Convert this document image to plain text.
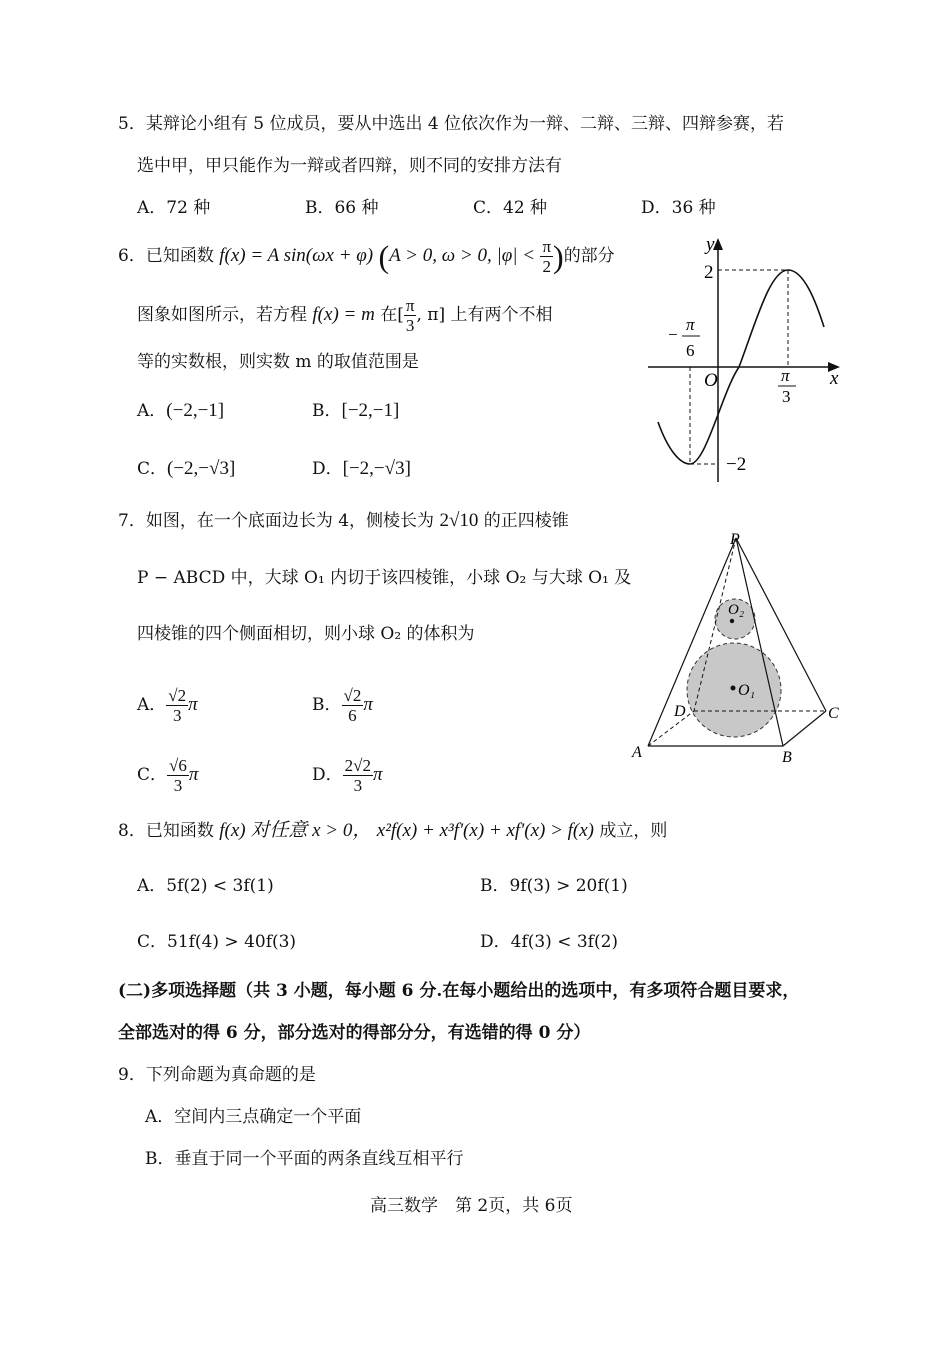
5．某辩论小组有 5 位成员，要从中选出 4 位依次作为一辩、二辩、三辩、四辩参赛，若
选中甲，甲只能作为一辩或者四辩，则不同的安排方法有
A．72 种	B．66 种	C．42 种	D．36 种
6．已知函数 f(x) = A sin(ωx + φ) (A > 0, ω > 0, $|\varphi| < \frac{\pi}{2}$ )的部分
图象如图所示，若方程 f(x) = m 在[ $\frac{\pi}{3}$ , π] 上有两个不相
等的实数根，则实数 m 的取值范围是
A．(−2,−1]	B．[−2,−1]
C．(−2,−√3]	D．[−2,−√3]
y
x
O
2
−2
−
π
6
π
3
7．如图，在一个底面边长为 4，侧棱长为 2√10 的正四棱锥
P − ABCD 中，大球 O₁ 内切于该四棱锥，小球 O₂ 与大球 O₁ 及
四棱锥的四个侧面相切，则小球 O₂ 的体积为
A． $\frac{√2}{3}$ π	B． $\frac{√2}{6}$ π
C． $\frac{√6}{3}$ π	D． $\frac{2√2}{3}$ π
P
A	B
C
D
O₁
O₂
8．已知函数 f(x) 对任意 x > 0， x²f(x) + x³f'(x) + xf'(x) > f(x) 成立，则
A．5f(2) < 3f(1)	B．9f(3) > 20f(1)
C．51f(4) > 40f(3)	D．4f(3) < 3f(2)
(二)多项选择题（共 3 小题，每小题 6 分.在每小题给出的选项中，有多项符合题目要求，
全部选对的得 6 分，部分选对的得部分分，有选错的得 0 分）
9．下列命题为真命题的是
A．空间内三点确定一个平面
B．垂直于同一个平面的两条直线互相平行
高三数学　第 2页，共 6页
